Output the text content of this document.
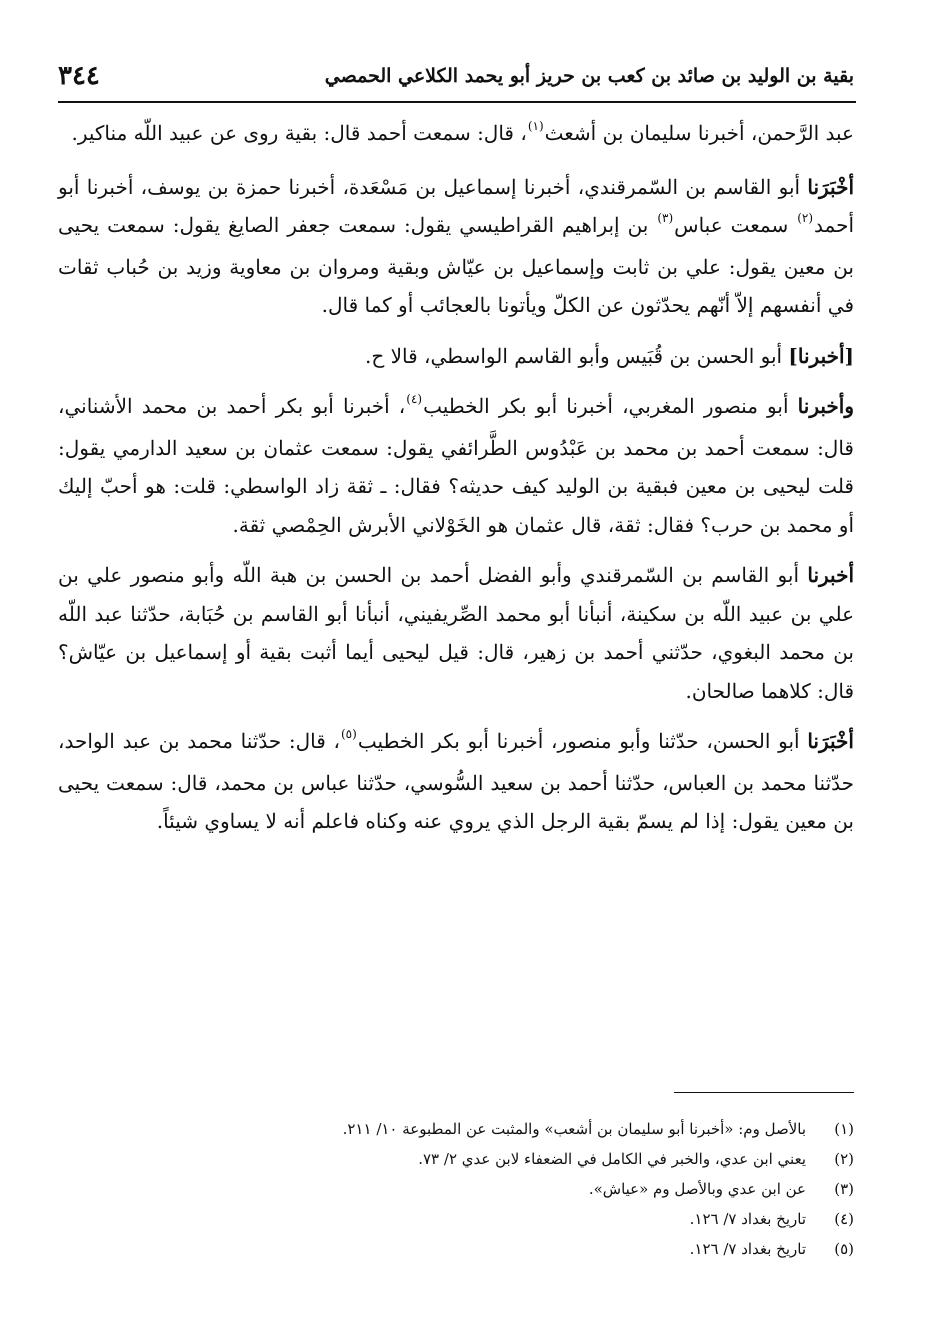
بقية بن الوليد بن صائد بن كعب بن حريز أبو يحمد الكلاعي الحمصي
٣٤٤

عبد الرَّحمن، أخبرنا سليمان بن أشعث$^{(١)}$، قال: سمعت أحمد قال: بقية روى عن عبيد اللّه مناكير.

أخْبَرَنا أبو القاسم بن السّمرقندي، أخبرنا إسماعيل بن مَسْعَدة، أخبرنا حمزة بن يوسف، أخبرنا أبو أحمد$^{(٢)}$ سمعت عباس$^{(٣)}$ بن إبراهيم القراطيسي يقول: سمعت جعفر الصايغ يقول: سمعت يحيى بن معين يقول: علي بن ثابت وإسماعيل بن عيّاش وبقية ومروان بن معاوية وزيد بن حُباب ثقات في أنفسهم إلاّ أنّهم يحدّثون عن الكلّ ويأتونا بالعجائب أو كما قال.

[أخبرنا] أبو الحسن بن قُبَيس وأبو القاسم الواسطي، قالا ح.

وأخبرنا أبو منصور المغربي، أخبرنا أبو بكر الخطيب$^{(٤)}$، أخبرنا أبو بكر أحمد بن محمد الأشناني، قال: سمعت أحمد بن محمد بن عَبْدُوس الطَّرائفي يقول: سمعت عثمان بن سعيد الدارمي يقول: قلت ليحيى بن معين فبقية بن الوليد كيف حديثه؟ فقال: ـ ثقة زاد الواسطي: قلت: هو أحبّ إليك أو محمد بن حرب؟ فقال: ثقة، قال عثمان هو الخَوْلاني الأبرش الحِمْصي ثقة.

أخبرنا أبو القاسم بن السّمرقندي وأبو الفضل أحمد بن الحسن بن هبة اللّه وأبو منصور علي بن علي بن عبيد اللّه بن سكينة، أنبأنا أبو محمد الصِّريفيني، أنبأنا أبو القاسم بن حُبَابة، حدّثنا عبد اللّه بن محمد البغوي، حدّثني أحمد بن زهير، قال: قيل ليحيى أيما أثبت بقية أو إسماعيل بن عيّاش؟ قال: كلاهما صالحان.

أخْبَرَنا أبو الحسن، حدّثنا وأبو منصور، أخبرنا أبو بكر الخطيب$^{(٥)}$، قال: حدّثنا محمد بن عبد الواحد، حدّثنا محمد بن العباس، حدّثنا أحمد بن سعيد السُّوسي، حدّثنا عباس بن محمد، قال: سمعت يحيى بن معين يقول: إذا لم يسمّ بقية الرجل الذي يروي عنه وكناه فاعلم أنه لا يساوي شيئاً.

(١)
بالأصل وم: «أخبرنا أبو سليمان بن أشعب» والمثبت عن المطبوعة ١٠/ ٢١١.
(٢)
يعني ابن عدي، والخبر في الكامل في الضعفاء لابن عدي ٢/ ٧٣.
(٣)
عن ابن عدي وبالأصل وم «عياش».
(٤)
تاريخ بغداد ٧/ ١٢٦.
(٥)
تاريخ بغداد ٧/ ١٢٦.
